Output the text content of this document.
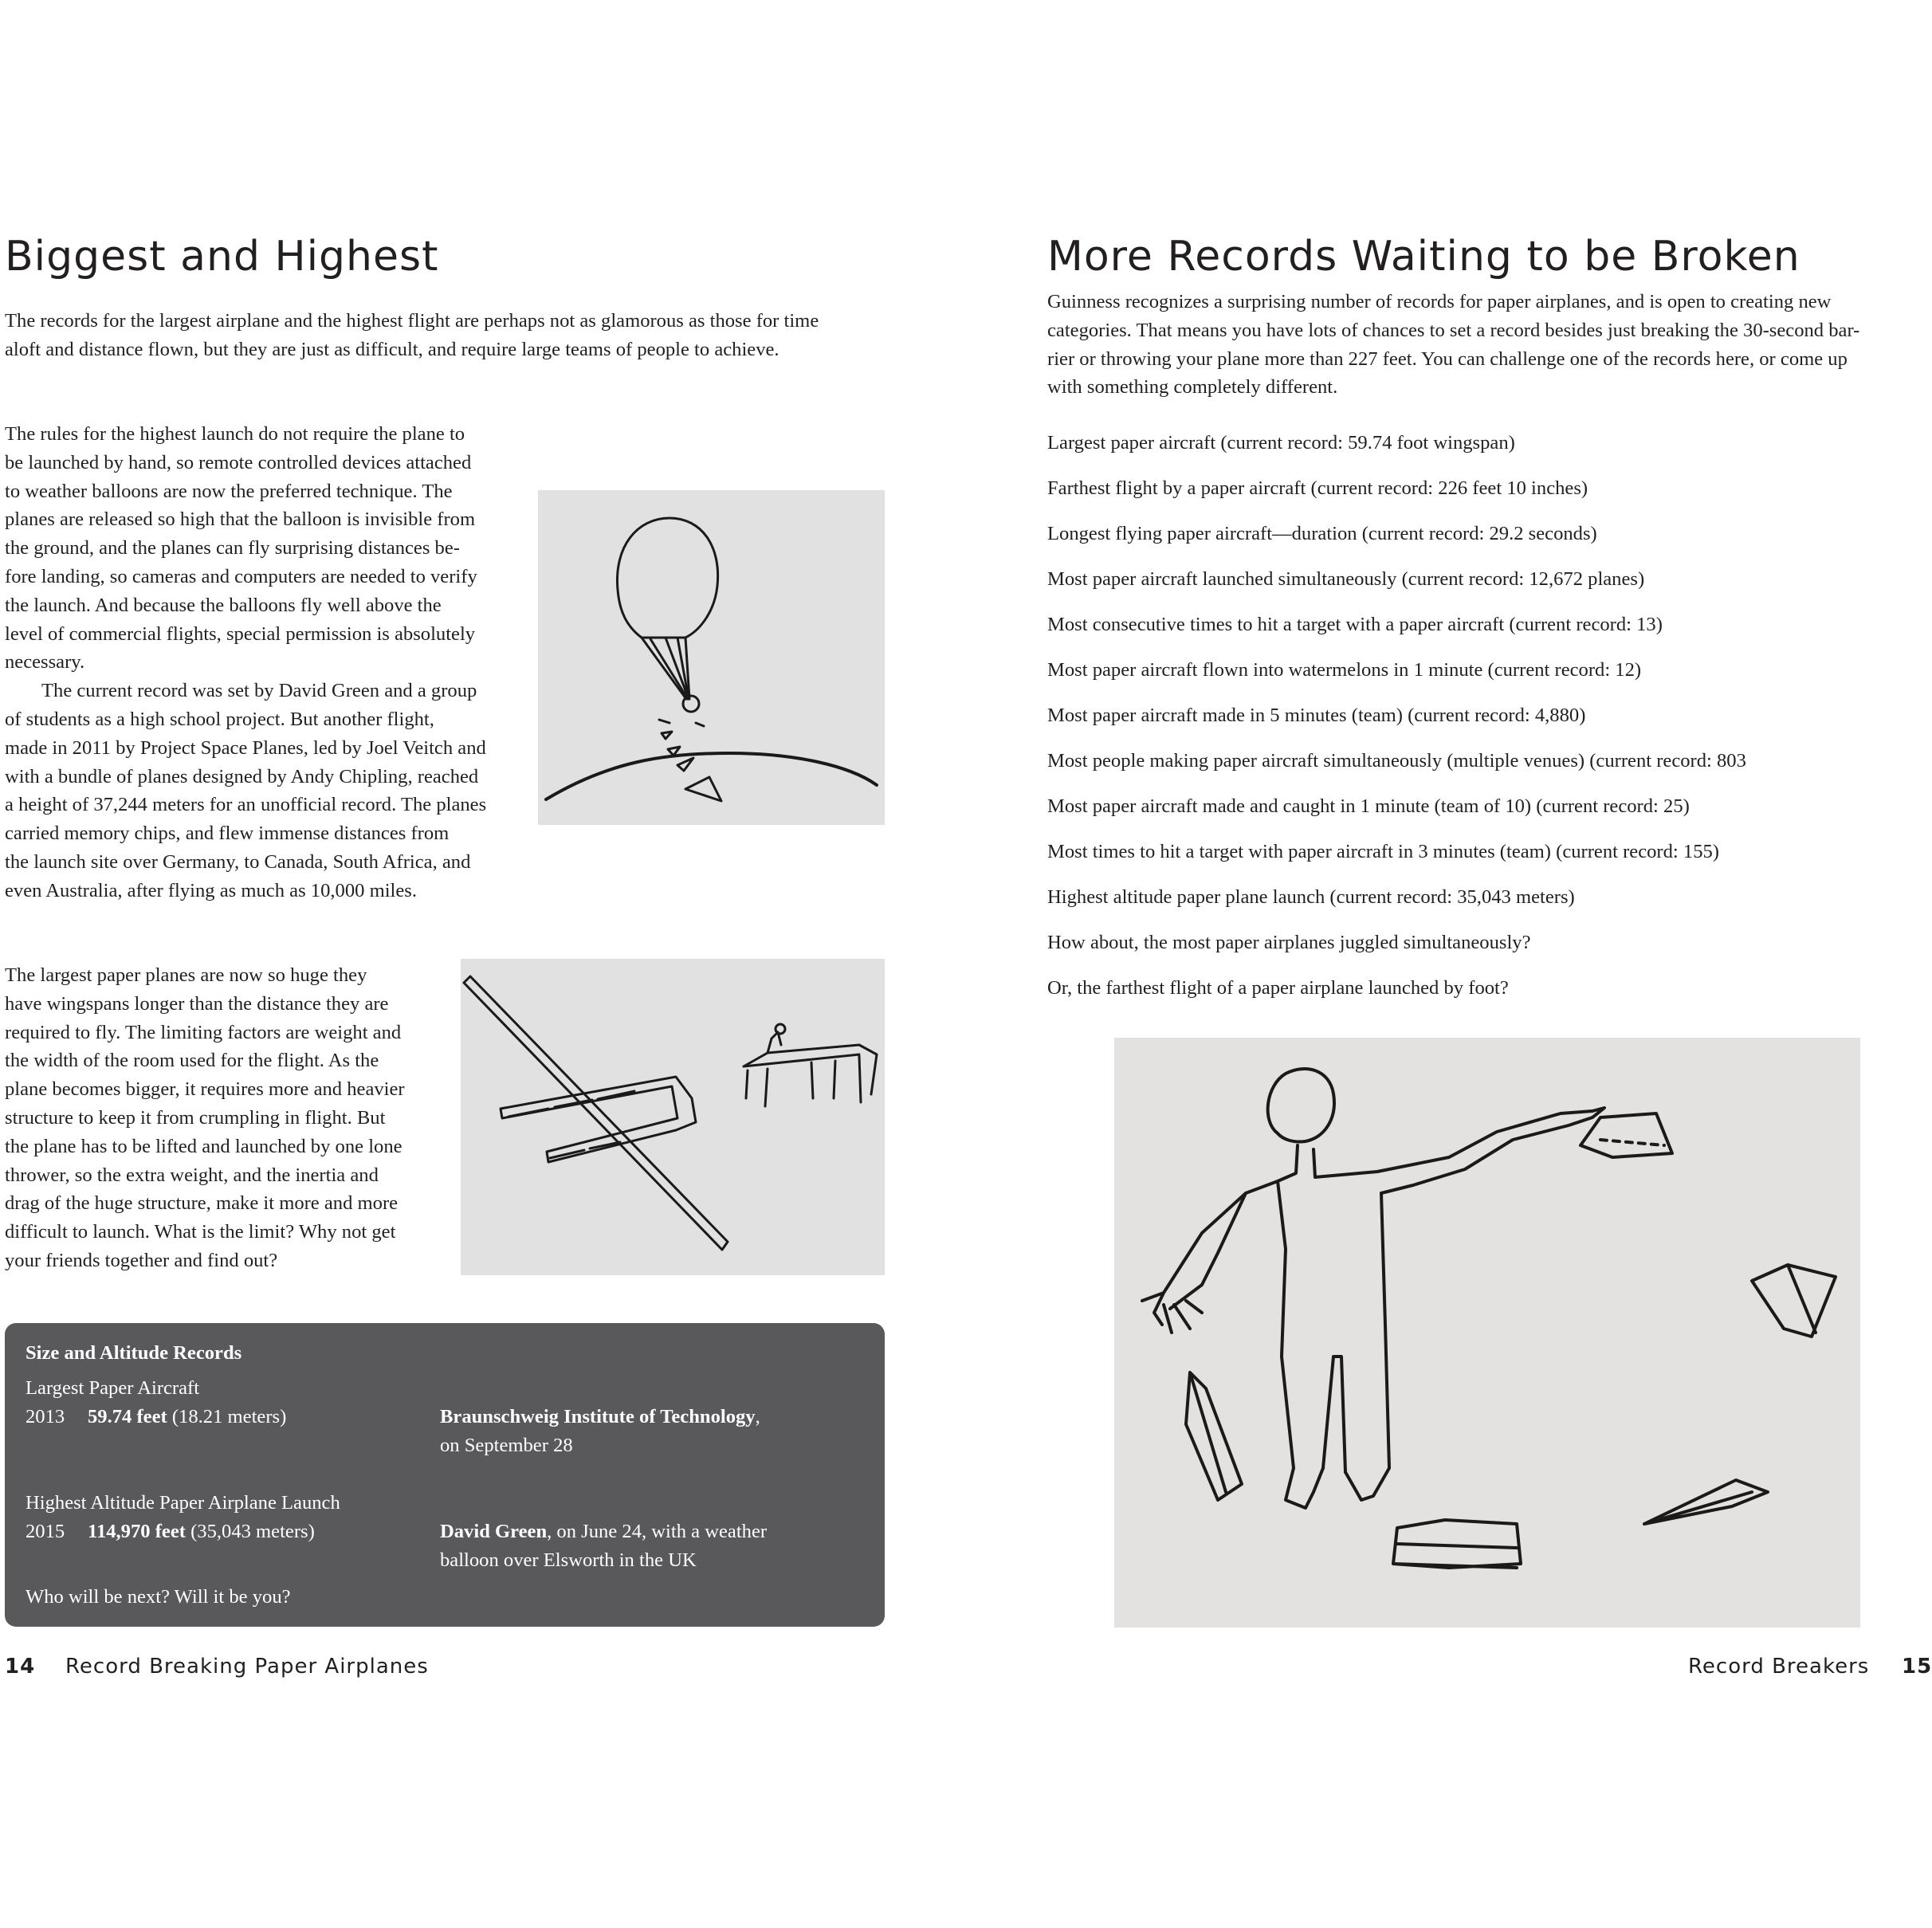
Biggest and Highest
The records for the largest airplane and the highest flight are perhaps not as glamorous as those for time
aloft and distance flown, but they are just as difficult, and require large teams of people to achieve.
The rules for the highest launch do not require the plane to
be launched by hand, so remote controlled devices attached
to weather balloons are now the preferred technique. The
planes are released so high that the balloon is invisible from
the ground, and the planes can fly surprising distances be-
fore landing, so cameras and computers are needed to verify
the launch. And because the balloons fly well above the
level of commercial flights, special permission is absolutely
necessary.
The current record was set by David Green and a group
of students as a high school project. But another flight,
made in 2011 by Project Space Planes, led by Joel Veitch and
with a bundle of planes designed by Andy Chipling, reached
a height of 37,244 meters for an unofficial record. The planes
carried memory chips, and flew immense distances from
the launch site over Germany, to Canada, South Africa, and
even Australia, after flying as much as 10,000 miles.
The largest paper planes are now so huge they
have wingspans longer than the distance they are
required to fly. The limiting factors are weight and
the width of the room used for the flight. As the
plane becomes bigger, it requires more and heavier
structure to keep it from crumpling in flight. But
the plane has to be lifted and launched by one lone
thrower, so the extra weight, and the inertia and
drag of the huge structure, make it more and more
difficult to launch. What is the limit? Why not get
your friends together and find out?
Size and Altitude Records
Largest Paper Aircraft
2013 59.74 feet (18.21 meters)	Braunschweig Institute of Technology,
on September 28
Highest Altitude Paper Airplane Launch
2015 114,970 feet (35,043 meters)	David Green, on June 24, with a weather
balloon over Elsworth in the UK
Who will be next? Will it be you?
14 Record Breaking Paper Airplanes
More Records Waiting to be Broken
Guinness recognizes a surprising number of records for paper airplanes, and is open to creating new
categories. That means you have lots of chances to set a record besides just breaking the 30-second bar-
rier or throwing your plane more than 227 feet. You can challenge one of the records here, or come up
with something completely different.
Largest paper aircraft (current record: 59.74 foot wingspan)
Farthest flight by a paper aircraft (current record: 226 feet 10 inches)
Longest flying paper aircraft—duration (current record: 29.2 seconds)
Most paper aircraft launched simultaneously (current record: 12,672 planes)
Most consecutive times to hit a target with a paper aircraft (current record: 13)
Most paper aircraft flown into watermelons in 1 minute (current record: 12)
Most paper aircraft made in 5 minutes (team) (current record: 4,880)
Most people making paper aircraft simultaneously (multiple venues) (current record: 803
Most paper aircraft made and caught in 1 minute (team of 10) (current record: 25)
Most times to hit a target with paper aircraft in 3 minutes (team) (current record: 155)
Highest altitude paper plane launch (current record: 35,043 meters)
How about, the most paper airplanes juggled simultaneously?
Or, the farthest flight of a paper airplane launched by foot?
Record Breakers 15
